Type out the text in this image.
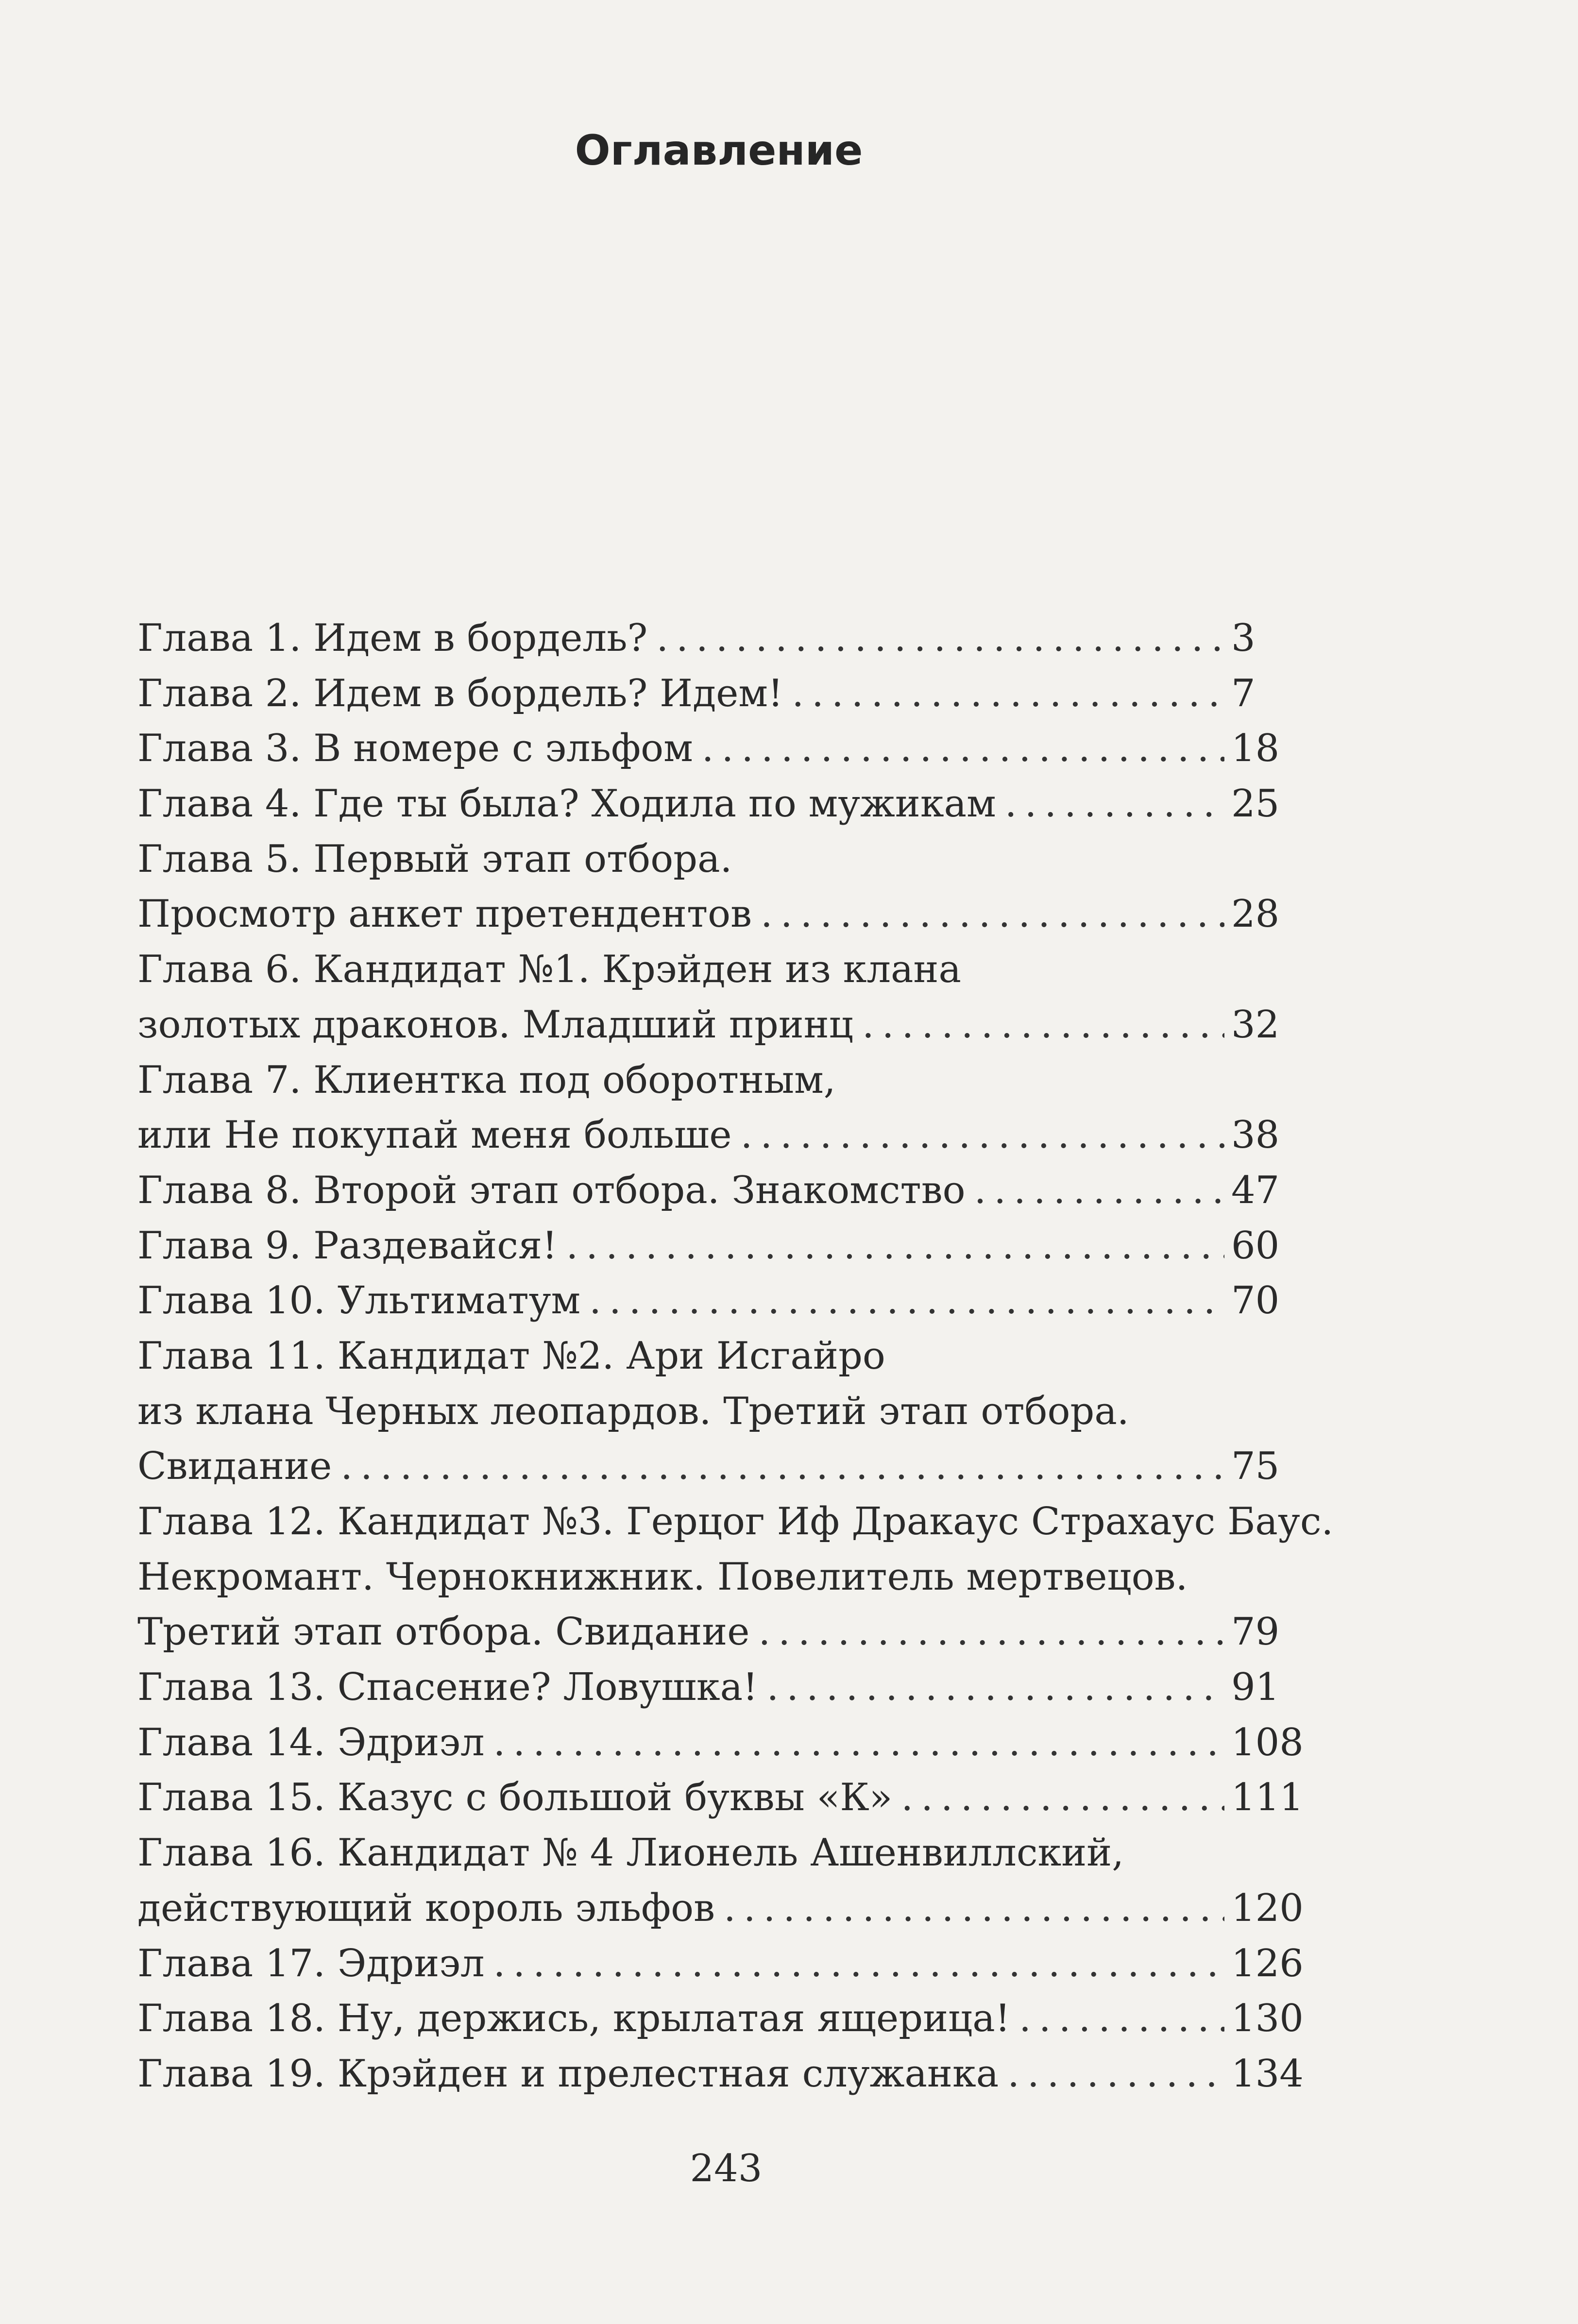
Оглавление
Глава 1. Идем в бордель? .....	3
Глава 2. Идем в бордель? Идем! .....	7
Глава 3. В номере с эльфом .....	18
Глава 4. Где ты была? Ходила по мужикам .....	25
Глава 5. Первый этап отбора.
Просмотр анкет претендентов .....	28
Глава 6. Кандидат №1. Крэйден из клана
золотых драконов. Младший принц .....	32
Глава 7. Клиентка под оборотным,
или Не покупай меня больше .....	38
Глава 8. Второй этап отбора. Знакомство .....	47
Глава 9. Раздевайся! .....	60
Глава 10. Ультиматум .....	70
Глава 11. Кандидат №2. Ари Исгайро
из клана Черных леопардов. Третий этап отбора.
Свидание .....	75
Глава 12. Кандидат №3. Герцог Иф Дракаус Страхаус Баус.
Некромант. Чернокнижник. Повелитель мертвецов.
Третий этап отбора. Свидание .....	79
Глава 13. Спасение? Ловушка! .....	91
Глава 14. Эдриэл .....	108
Глава 15. Казус с большой буквы «К» .....	111
Глава 16. Кандидат № 4 Лионель Ашенвиллский,
действующий король эльфов .....	120
Глава 17. Эдриэл .....	126
Глава 18. Ну, держись, крылатая ящерица! .....	130
Глава 19. Крэйден и прелестная служанка .....	134
243
